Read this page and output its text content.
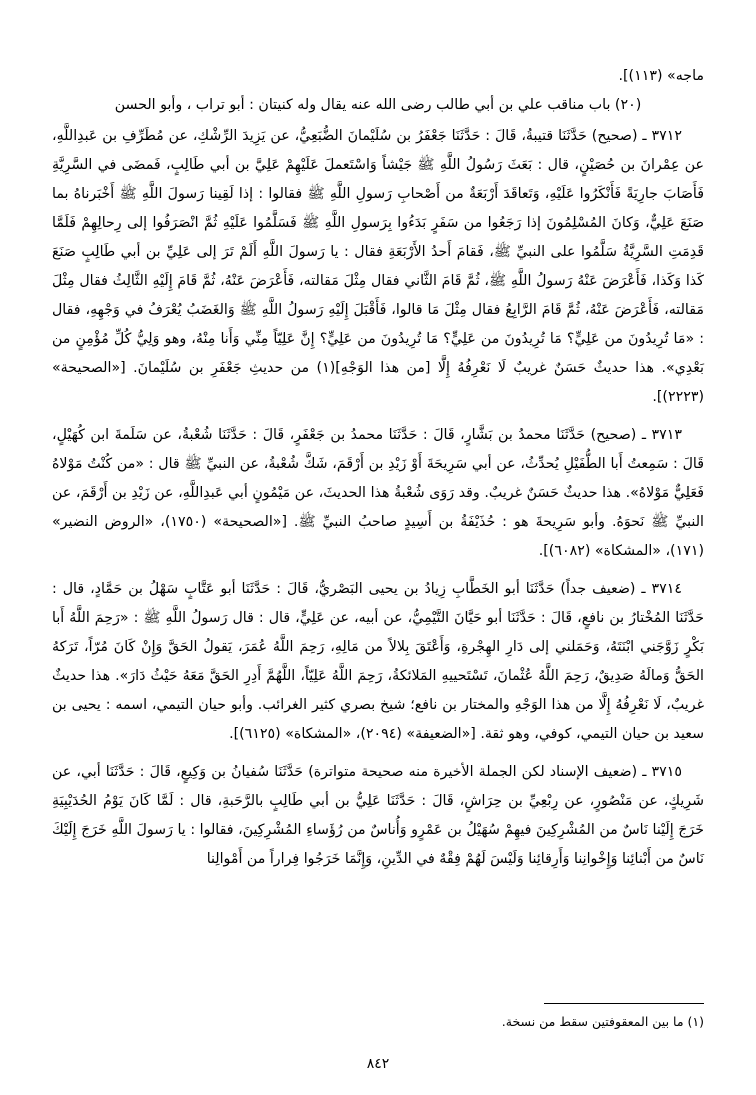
ماجه» (١١٣)].

(٢٠) باب مناقب علي بن أبي طالب رضى الله عنه يقال وله كنيتان : أبو تراب ، وأبو الحسن

٣٧١٢ ـ (صحيح) حَدَّثَنَا قتيبةُ، قَالَ : حَدَّثَنَا جَعْفَرُ بن سُلَيْمانَ الضُّبَعِيُّ، عن يَزِيدَ الرِّشْكِ، عن مُطَرِّفِ بن عَبدِاللَّهِ، عن عِمْرانَ بن حُصَيْنٍ، قال : بَعَثَ رَسُولُ اللَّهِ ﷺ جَيْشاً وَاسْتَعملَ عَلَيْهِمْ عَلِيَّ بن أبي طَالِبٍ، فَمضَى في السَّرِيَّةِ فَأَصَابَ جارِيَةً فَأَنْكَرُوا عَلَيْهِ، وَتَعاقَدَ أَرْبَعَةٌ من أَصْحابِ رَسولِ اللَّهِ ﷺ فقالوا : إذا لَقِينا رَسولَ اللَّهِ ﷺ أَخْبَرناهُ بما صَنَعَ عَلِيٌّ، وَكانَ المُسْلِمُونَ إذا رَجَعُوا من سَفَرٍ بَدَءُوا بِرَسولِ اللَّهِ ﷺ فَسَلَّمُوا عَلَيْهِ ثُمَّ انْصَرَفُوا إلى رِحالِهِمْ فَلَمَّا قَدِمَتِ السَّرِيَّةُ سَلَّمُوا على النبيِّ ﷺ، فَقامَ أَحدُ الأَرْبَعَةِ فقال : يا رَسولَ اللَّهِ أَلَمْ تَرَ إلى عَلِيِّ بن أبي طَالِبٍ صَنَعَ كَذا وَكَذا، فَأَعْرَضَ عَنْهُ رَسولُ اللَّهِ ﷺ، ثُمَّ قَامَ الثَّاني فقال مِثْلَ مَقالته، فَأَعْرَضَ عَنْهُ، ثُمَّ قَامَ إِلَيْهِ الثَّالِثُ فقال مِثْلَ مَقالته، فَأَعْرَضَ عَنْهُ، ثُمَّ قَامَ الرَّابِعُ فقال مِثْلَ مَا قالوا، فَأَقْبَلَ إِلَيْهِ رَسولُ اللَّهِ ﷺ وَالغَضَبُ يُعْرَفُ في وَجْهِهِ، فقال : «مَا تُرِيدُونَ من عَلِيٍّ؟ مَا تُرِيدُونَ من عَلِيٍّ؟ مَا تُرِيدُونَ من عَلِيٍّ؟ إِنَّ عَلِيّاً مِنِّي وَأَنا مِنْهُ، وهو وَلِيُّ كُلِّ مُؤْمِنٍ من بَعْدِي». هذا حديثٌ حَسَنٌ غريبٌ لَا نَعْرِفُهُ إِلَّا [من هذا الوَجْهِ](١) من حديثِ جَعْفَرِ بن سُلَيْمانَ. [«الصحيحة» (٢٢٢٣)].

٣٧١٣ ـ (صحيح) حَدَّثَنَا محمدُ بن بَشَّارٍ، قَالَ : حَدَّثَنَا محمدُ بن جَعْفَرٍ، قَالَ : حَدَّثَنَا شُعْبةُ، عن سَلَمةَ ابن كُهَيْلٍ، قَالَ : سَمِعتُ أَبا الطُّفَيْلِ يُحدِّثُ، عن أبي سَرِيحَةَ أَوْ زَيْدِ بن أَرْقَمَ، شَكَّ شُعْبةُ، عن النبيِّ ﷺ قال : «من كُنْتُ مَوْلاهُ فَعَلِيٌّ مَوْلاهُ». هذا حديثٌ حَسَنٌ غريبٌ. وقد رَوَى شُعْبةُ هذا الحديثَ، عن مَيْمُونٍ أبي عَبدِاللَّهِ، عن زَيْدِ بن أَرْقَمَ، عن النبيِّ ﷺ نَحوَهُ. وأبو سَرِيحةَ هو : حُذَيْفَةُ بن أَسِيدٍ صاحبُ النبيِّ ﷺ. [«الصحيحة» (١٧٥٠)، «الروض النضير» (١٧١)، «المشكاة» (٦٠٨٢)].

٣٧١٤ ـ (ضعيف جداً) حَدَّثَنَا أبو الخَطَّابِ زِيادُ بن يحيى البَصْريُّ، قَالَ : حَدَّثَنَا أبو عَتَّابٍ سَهْلُ بن حَمَّادٍ، قال : حَدَّثَنَا المُخْتارُ بن نافعٍ، قَالَ : حَدَّثَنَا أبو حَيَّانَ التَّيْمِيُّ، عن أبيه، عن عَلِيٍّ، قال : قال رَسولُ اللَّهِ ﷺ : «رَحِمَ اللَّهُ أَبا بَكْرٍ زَوَّجَني ابْنَتَهُ، وَحَمَلني إلى دَارِ الهِجْرةِ، وَأَعْتَقَ بِلالاً من مَالِهِ، رَحِمَ اللَّهُ عُمَرَ، يَقولُ الحَقَّ وَإِنْ كَانَ مُرّاً، تَرَكهُ الحَقُّ وَمالَهُ صَدِيقٌ، رَحِمَ اللَّهُ عُثْمانَ، تَسْتَحييهِ المَلائكةُ، رَحِمَ اللَّهُ عَلِيّاً، اللَّهُمَّ أَدِرِ الحَقَّ مَعَهُ حَيْثُ دَارَ». هذا حديثٌ غريبٌ، لَا نَعْرِفُهُ إِلَّا من هذا الوَجْهِ والمختار بن نافع؛ شيخ بصري كثير الغرائب. وأبو حيان التيمي، اسمه : يحيى بن سعيد بن حيان التيمي، كوفي، وهو ثقة. [«الضعيفة» (٢٠٩٤)، «المشكاة» (٦١٢٥)].

٣٧١٥ ـ (ضعيف الإسناد لكن الجملة الأخيرة منه صحيحة متواترة) حَدَّثَنَا سُفيانُ بن وَكِيعٍ، قَالَ : حَدَّثَنَا أبي، عن شَرِيكٍ، عن مَنْصُورٍ، عن رِبْعِيِّ بن حِرَاشٍ، قَالَ : حَدَّثَنَا عَلِيُّ بن أبي طَالِبٍ بالرَّحَبةِ، قال : لَمَّا كَانَ يَوْمُ الحُدَيْبِيَةِ خَرَجَ إِلَيْنا نَاسٌ من المُشْرِكِينَ فيهِمْ سُهَيْلُ بن عَمْرٍو وَأُناسٌ من رُؤَساءِ المُشْرِكِينَ، فقالوا : يا رَسولَ اللَّهِ خَرَجَ إِلَيْكَ نَاسٌ من أَبْنائِنا وَإِخْوانِنا وَأَرِقائِنا وَلَيْسَ لَهُمْ فِقْهٌ في الدِّينِ، وَإِنَّمَا خَرَجُوا فِراراً من أَمْوالِنا

(١) ما بين المعقوفتين سقط من نسخة.

٨٤٢
